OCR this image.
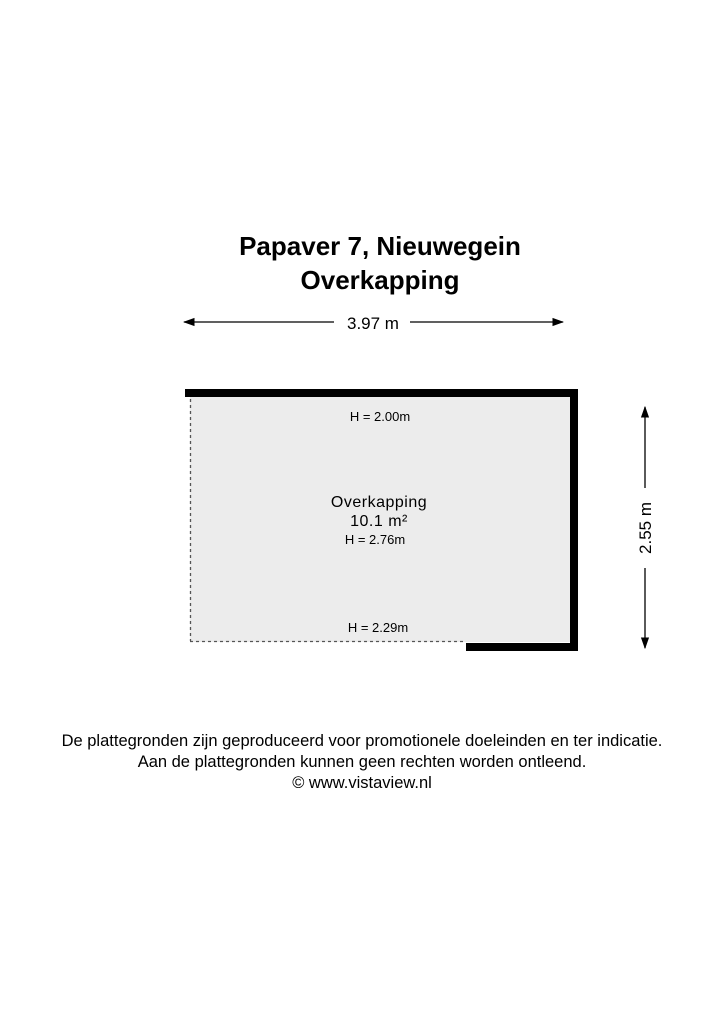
Papaver 7, Nieuwegein
Overkapping
3.97 m
H = 2.00m
Overkapping
10.1 m²
H = 2.76m
H = 2.29m
2.55 m
De plattegronden zijn geproduceerd voor promotionele doeleinden en ter indicatie.
Aan de plattegronden kunnen geen rechten worden ontleend.
© www.vistaview.nl
